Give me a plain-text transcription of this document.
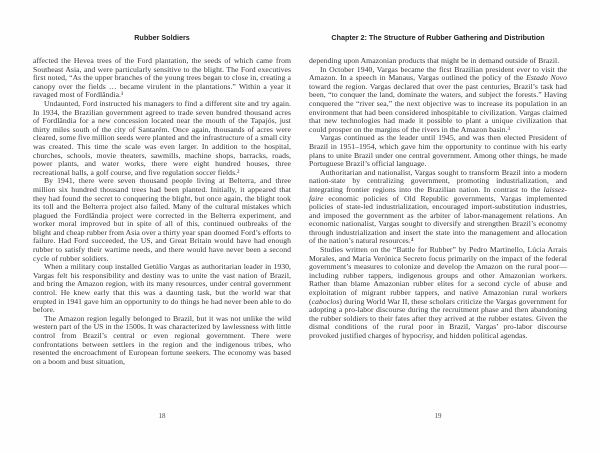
Rubber Soldiers

affected the Hevea trees of the Ford plantation, the seeds of which came from Southeast Asia, and were particularly sensitive to the blight. The Ford executives first noted, “As the upper branches of the young trees began to close in, creating a canopy over the fields … became virulent in the plantations.” Within a year it ravaged most of Fordlândia.¹

Undaunted, Ford instructed his managers to find a different site and try again. In 1934, the Brazilian government agreed to trade seven hundred thousand acres of Fordlândia for a new concession located near the mouth of the Tapajós, just thirty miles south of the city of Santarém. Once again, thousands of acres were cleared, some five million seeds were planted and the infrastructure of a small city was created. This time the scale was even larger. In addition to the hospital, churches, schools, movie theaters, sawmills, machine shops, barracks, roads, power plants, and water works, there were eight hundred houses, three recreational halls, a golf course, and five regulation soccer fields.²

By 1941, there were seven thousand people living at Belterra, and three million six hundred thousand trees had been planted. Initially, it appeared that they had found the secret to conquering the blight, but once again, the blight took its toll and the Belterra project also failed. Many of the cultural mistakes which plagued the Fordlândia project were corrected in the Belterra experiment, and worker moral improved but in spite of all of this, continued outbreaks of the blight and cheap rubber from Asia over a thirty year span doomed Ford’s efforts to failure. Had Ford succeeded, the US, and Great Britain would have had enough rubber to satisfy their wartime needs, and there would have never been a second cycle of rubber soldiers.

When a military coup installed Getúlio Vargas as authoritarian leader in 1930, Vargas felt his responsibility and destiny was to unite the vast nation of Brazil, and bring the Amazon region, with its many resources, under central government control. He knew early that this was a daunting task, but the world war that erupted in 1941 gave him an opportunity to do things he had never been able to do before.

The Amazon region legally belonged to Brazil, but it was not unlike the wild western part of the US in the 1500s. It was characterized by lawlessness with little control from Brazil’s central or even regional government. There were confrontations between settlers in the region and the indigenous tribes, who resented the encroachment of European fortune seekers. The economy was based on a boom and bust situation,

18
Chapter 2: The Structure of Rubber Gathering and Distribution

depending upon Amazonian products that might be in demand outside of Brazil.

In October 1940, Vargas became the first Brazilian president ever to visit the Amazon. In a speech in Manaus, Vargas outlined the policy of the Estado Novo toward the region. Vargas declared that over the past centuries, Brazil’s task had been, “to conquer the land, dominate the waters, and subject the forests.” Having conquered the “river sea,” the next objective was to increase its population in an environment that had been considered inhospitable to civilization. Vargas claimed that new technologies had made it possible to plant a unique civilization that could prosper on the margins of the rivers in the Amazon basin.³

Vargas continued as the leader until 1945, and was then elected President of Brazil in 1951–1954, which gave him the opportunity to continue with his early plans to unite Brazil under one central government. Among other things, he made Portuguese Brazil’s official language.

Authoritarian and nationalist, Vargas sought to transform Brazil into a modern nation-state by centralizing government, promoting industrialization, and integrating frontier regions into the Brazilian nation. In contrast to the laissez-faire economic policies of Old Republic governments, Vargas implemented policies of state-led industrialization, encouraged import-substitution industries, and imposed the government as the arbiter of labor-management relations. An economic nationalist, Vargas sought to diversify and strengthen Brazil’s economy through industrialization and insert the state into the management and allocation of the nation’s natural resources.⁴

Studies written on the “Battle for Rubber” by Pedro Martinello, Lúcia Arrais Morales, and María Verónica Secreto focus primarily on the impact of the federal government’s measures to colonize and develop the Amazon on the rural poor—including rubber tappers, indigenous groups and other Amazonian workers. Rather than blame Amazonian rubber elites for a second cycle of abuse and exploitation of migrant rubber tappers, and native Amazonian rural workers (caboclos) during World War II, these scholars criticize the Vargas government for adopting a pro-labor discourse during the recruitment phase and then abandoning the rubber soldiers to their fates after they arrived at the rubber estates. Given the dismal conditions of the rural poor in Brazil, Vargas’ pro-labor discourse provoked justified charges of hypocrisy, and hidden political agendas.

19
